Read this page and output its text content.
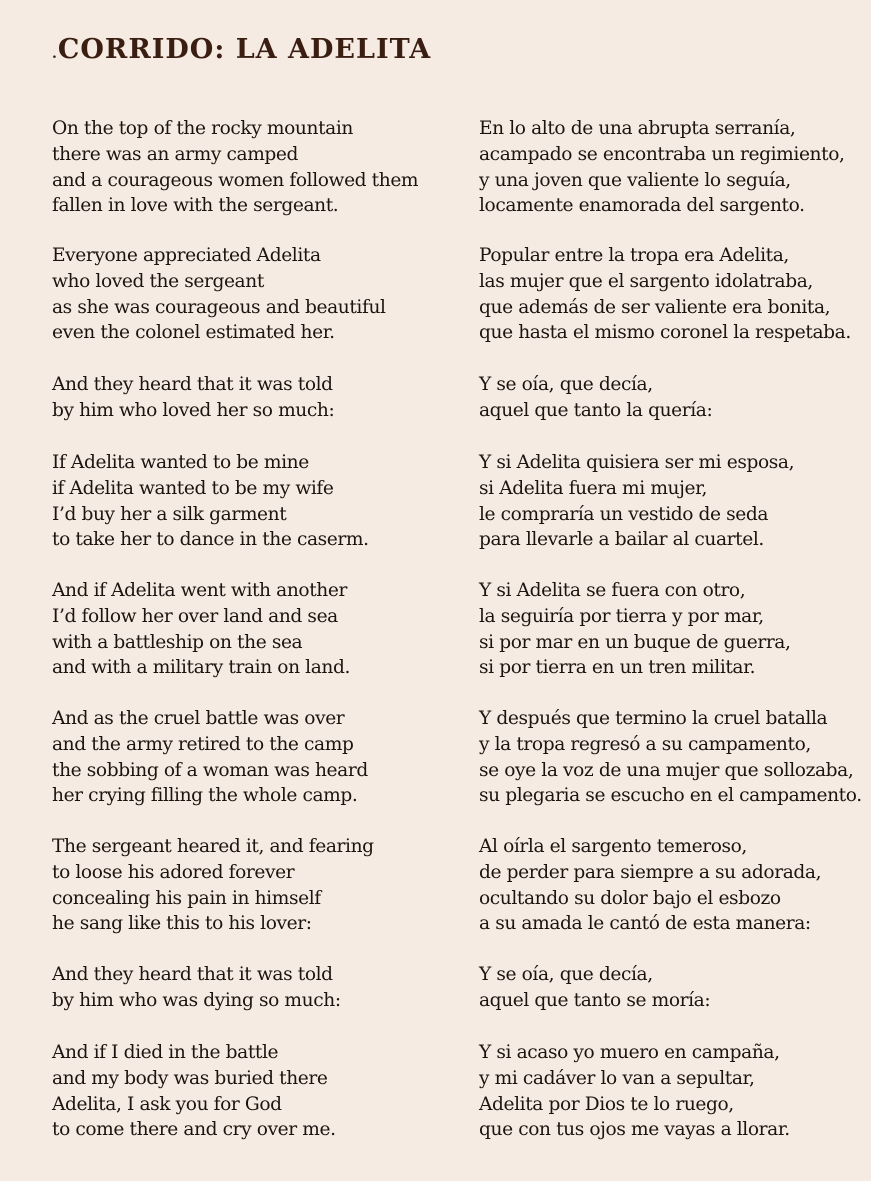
.CORRIDO: LA ADELITA
On the top of the rocky mountain
there was an army camped
and a courageous women followed them
fallen in love with the sergeant.
Everyone appreciated Adelita
who loved the sergeant
as she was courageous and beautiful
even the colonel estimated her.
And they heard that it was told
by him who loved her so much:
If Adelita wanted to be mine
if Adelita wanted to be my wife
I’d buy her a silk garment
to take her to dance in the caserm.
And if Adelita went with another
I’d follow her over land and sea
with a battleship on the sea
and with a military train on land.
And as the cruel battle was over
and the army retired to the camp
the sobbing of a woman was heard
her crying filling the whole camp.
The sergeant heared it, and fearing
to loose his adored forever
concealing his pain in himself
he sang like this to his lover:
And they heard that it was told
by him who was dying so much:
And if I died in the battle
and my body was buried there
Adelita, I ask you for God
to come there and cry over me.
En lo alto de una abrupta serranía,
acampado se encontraba un regimiento,
y una joven que valiente lo seguía,
locamente enamorada del sargento.
Popular entre la tropa era Adelita,
las mujer que el sargento idolatraba,
que además de ser valiente era bonita,
que hasta el mismo coronel la respetaba.
Y se oía, que decía,
aquel que tanto la quería:
Y si Adelita quisiera ser mi esposa,
si Adelita fuera mi mujer,
le compraría un vestido de seda
para llevarle a bailar al cuartel.
Y si Adelita se fuera con otro,
la seguiría por tierra y por mar,
si por mar en un buque de guerra,
si por tierra en un tren militar.
Y después que termino la cruel batalla
y la tropa regresó a su campamento,
se oye la voz de una mujer que sollozaba,
su plegaria se escucho en el campamento.
Al oírla el sargento temeroso,
de perder para siempre a su adorada,
ocultando su dolor bajo el esbozo
a su amada le cantó de esta manera:
Y se oía, que decía,
aquel que tanto se moría:
Y si acaso yo muero en campaña,
y mi cadáver lo van a sepultar,
Adelita por Dios te lo ruego,
que con tus ojos me vayas a llorar.
